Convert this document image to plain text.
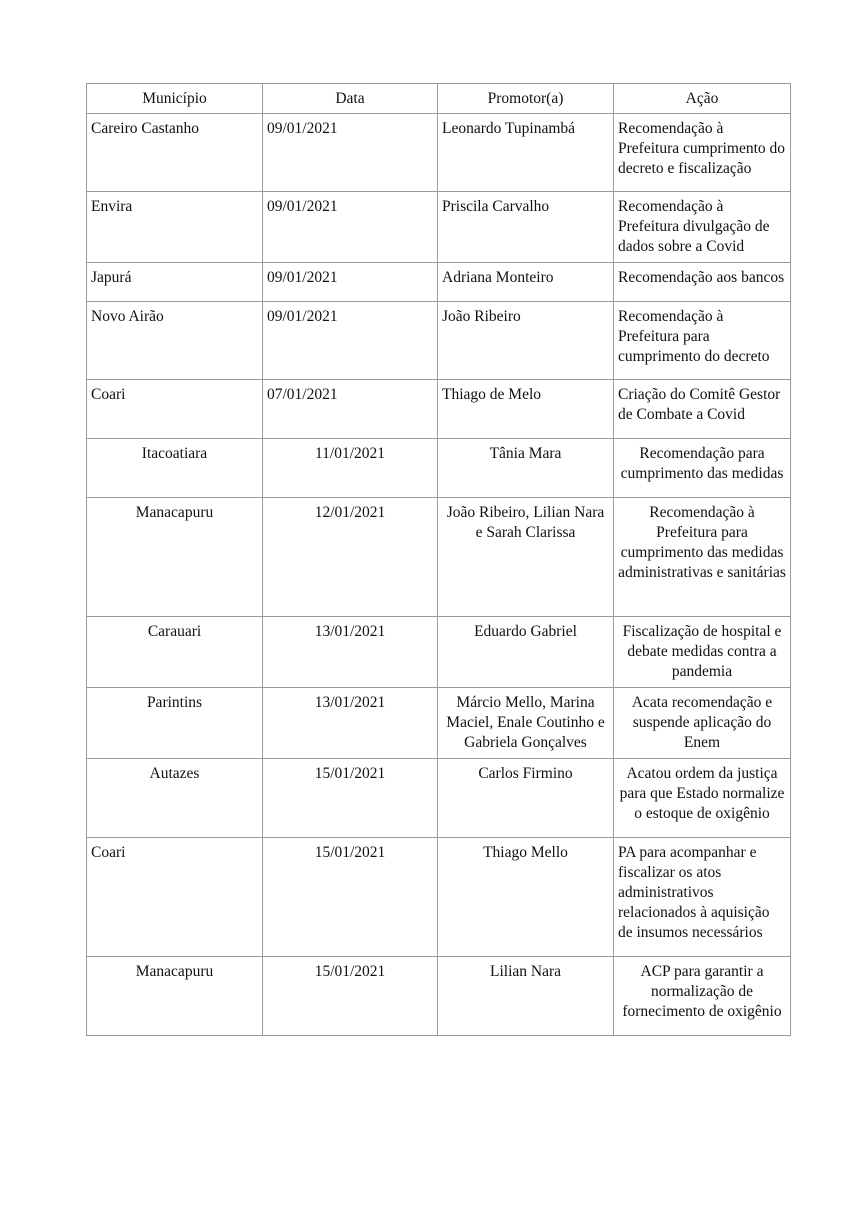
Município	Data	Promotor(a)	Ação
Careiro Castanho	09/01/2021	Leonardo Tupinambá	Recomendação à Prefeitura cumprimento do decreto e fiscalização
Envira	09/01/2021	Priscila Carvalho	Recomendação à Prefeitura divulgação de dados sobre a Covid
Japurá	09/01/2021	Adriana Monteiro	Recomendação aos bancos
Novo Airão	09/01/2021	João Ribeiro	Recomendação à Prefeitura para cumprimento do decreto
Coari	07/01/2021	Thiago de Melo	Criação do Comitê Gestor de Combate a Covid
Itacoatiara	11/01/2021	Tânia Mara	Recomendação para cumprimento das medidas
Manacapuru	12/01/2021	João Ribeiro, Lilian Nara e Sarah Clarissa	Recomendação à Prefeitura para cumprimento das medidas administrativas e sanitárias
Carauari	13/01/2021	Eduardo Gabriel	Fiscalização de hospital e debate medidas contra a pandemia
Parintins	13/01/2021	Márcio Mello, Marina Maciel, Enale Coutinho e Gabriela Gonçalves	Acata recomendação e suspende aplicação do Enem
Autazes	15/01/2021	Carlos Firmino	Acatou ordem da justiça para que Estado normalize o estoque de oxigênio
Coari	15/01/2021	Thiago Mello	PA para acompanhar e fiscalizar os atos administrativos relacionados à aquisição de insumos necessários
Manacapuru	15/01/2021	Lilian Nara	ACP para garantir a normalização de fornecimento de oxigênio
